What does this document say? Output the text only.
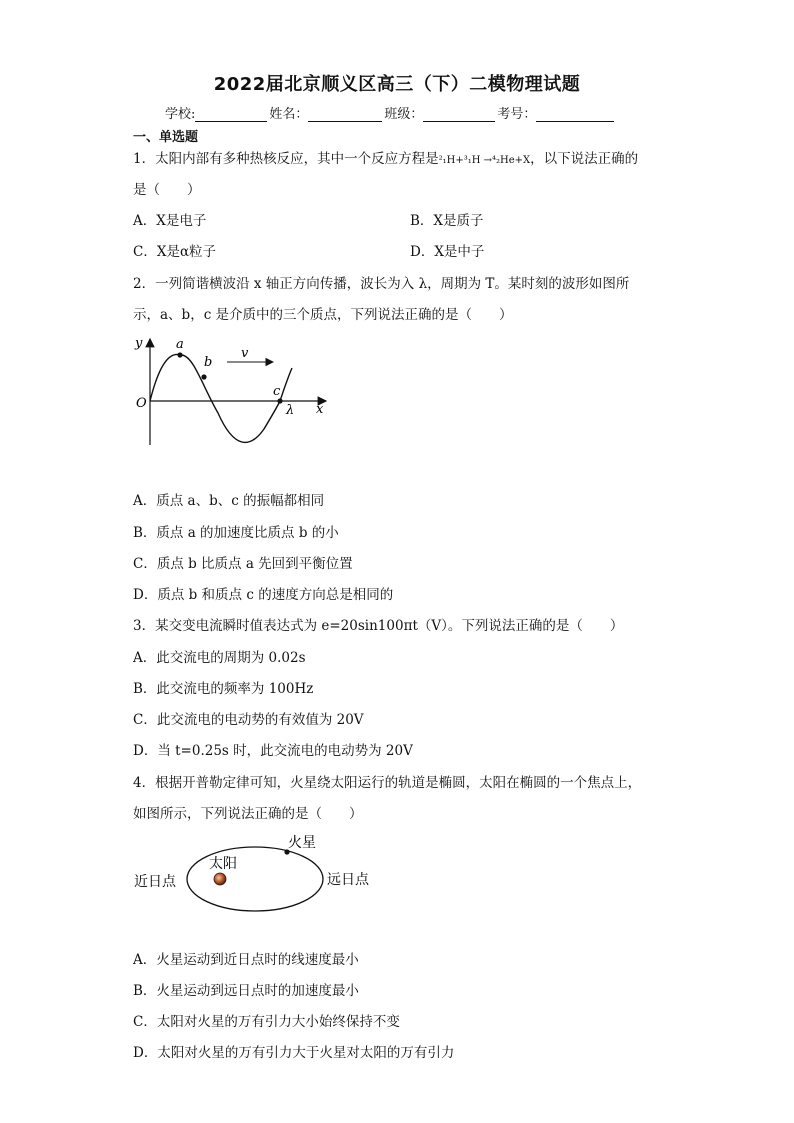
2022届北京顺义区高三（下）二模物理试题
学校:	姓名：	班级：	考号：
一、单选题
1．太阳内部有多种热核反应，其中一个反应方程是²₁H+³₁H →⁴₂He+X，以下说法正确的
是（　　）
A．X是电子	B．X是质子
C．X是α粒子	D．X是中子
2．一列简谐横波沿 x 轴正方向传播，波长为入 λ，周期为 T。某时刻的波形如图所
示，a、b，c 是介质中的三个质点，下列说法正确的是（　　）
y
x
O
a
b
c
v
λ
A．质点 a、b、c 的振幅都相同
B．质点 a 的加速度比质点 b 的小
C．质点 b 比质点 a 先回到平衡位置
D．质点 b 和质点 c 的速度方向总是相同的
3．某交变电流瞬时值表达式为 e=20sin100πt（V）。下列说法正确的是（　　）
A．此交流电的周期为 0.02s
B．此交流电的频率为 100Hz
C．此交流电的电动势的有效值为 20V
D．当 t=0.25s 时，此交流电的电动势为 20V
4．根据开普勒定律可知，火星绕太阳运行的轨道是椭圆，太阳在椭圆的一个焦点上，
如图所示，下列说法正确的是（　　）
火星
太阳
近日点	远日点
A．火星运动到近日点时的线速度最小
B．火星运动到远日点时的加速度最小
C．太阳对火星的万有引力大小始终保持不变
D．太阳对火星的万有引力大于火星对太阳的万有引力
